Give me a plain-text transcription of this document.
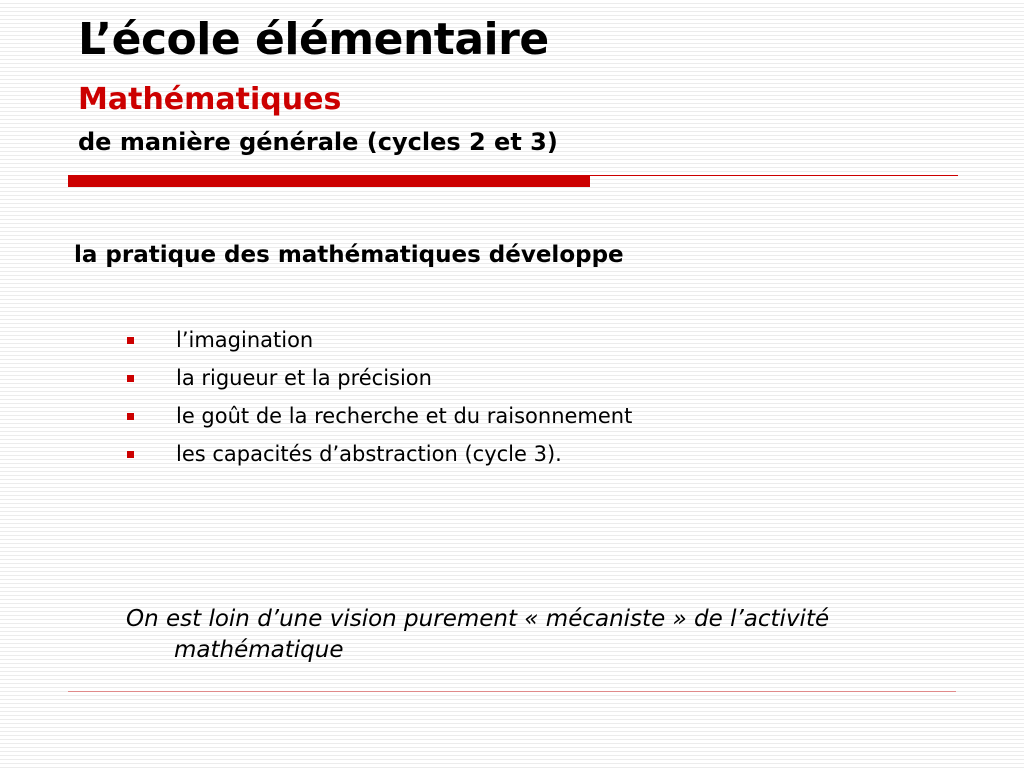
L’école élémentaire
Mathématiques
de manière générale (cycles 2 et 3)
la pratique des mathématiques développe
l’imagination
la rigueur et la précision
le goût de la recherche et du raisonnement
les capacités d’abstraction (cycle 3).

On est loin d’une vision purement « mécaniste » de l’activité mathématique
